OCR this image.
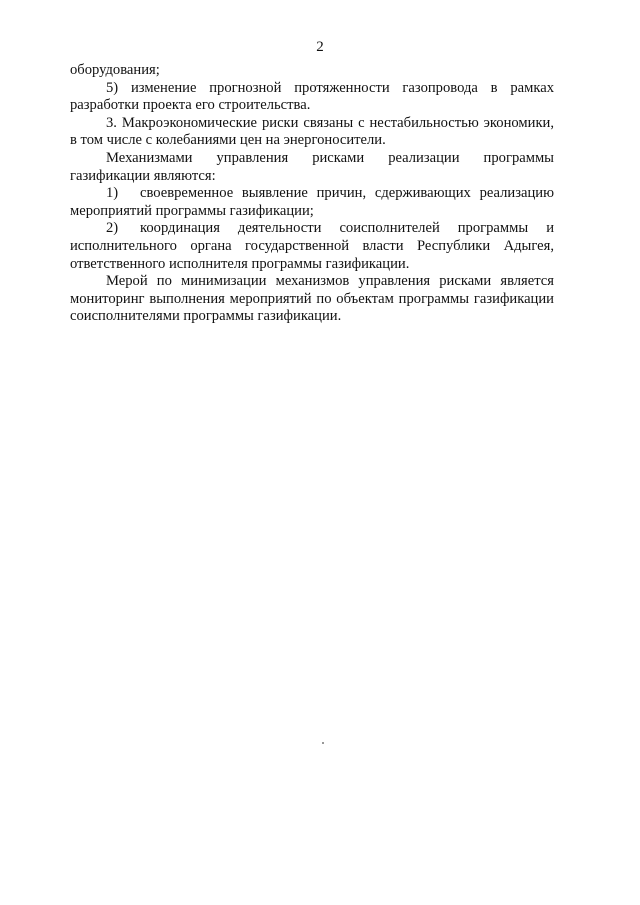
2

оборудования;

5) изменение прогнозной протяженности газопровода в рамках разработки проекта его строительства.

3. Макроэкономические риски связаны с нестабильностью экономики, в том числе с колебаниями цен на энергоносители.

Механизмами управления рисками реализации программы газификации являются:

1) своевременное выявление причин, сдерживающих реализацию мероприятий программы газификации;

2) координация деятельности соисполнителей программы и исполнительного органа государственной власти Республики Адыгея, ответственного исполнителя программы газификации.

Мерой по минимизации механизмов управления рисками является мониторинг выполнения мероприятий по объектам программы газификации соисполнителями программы газификации.
